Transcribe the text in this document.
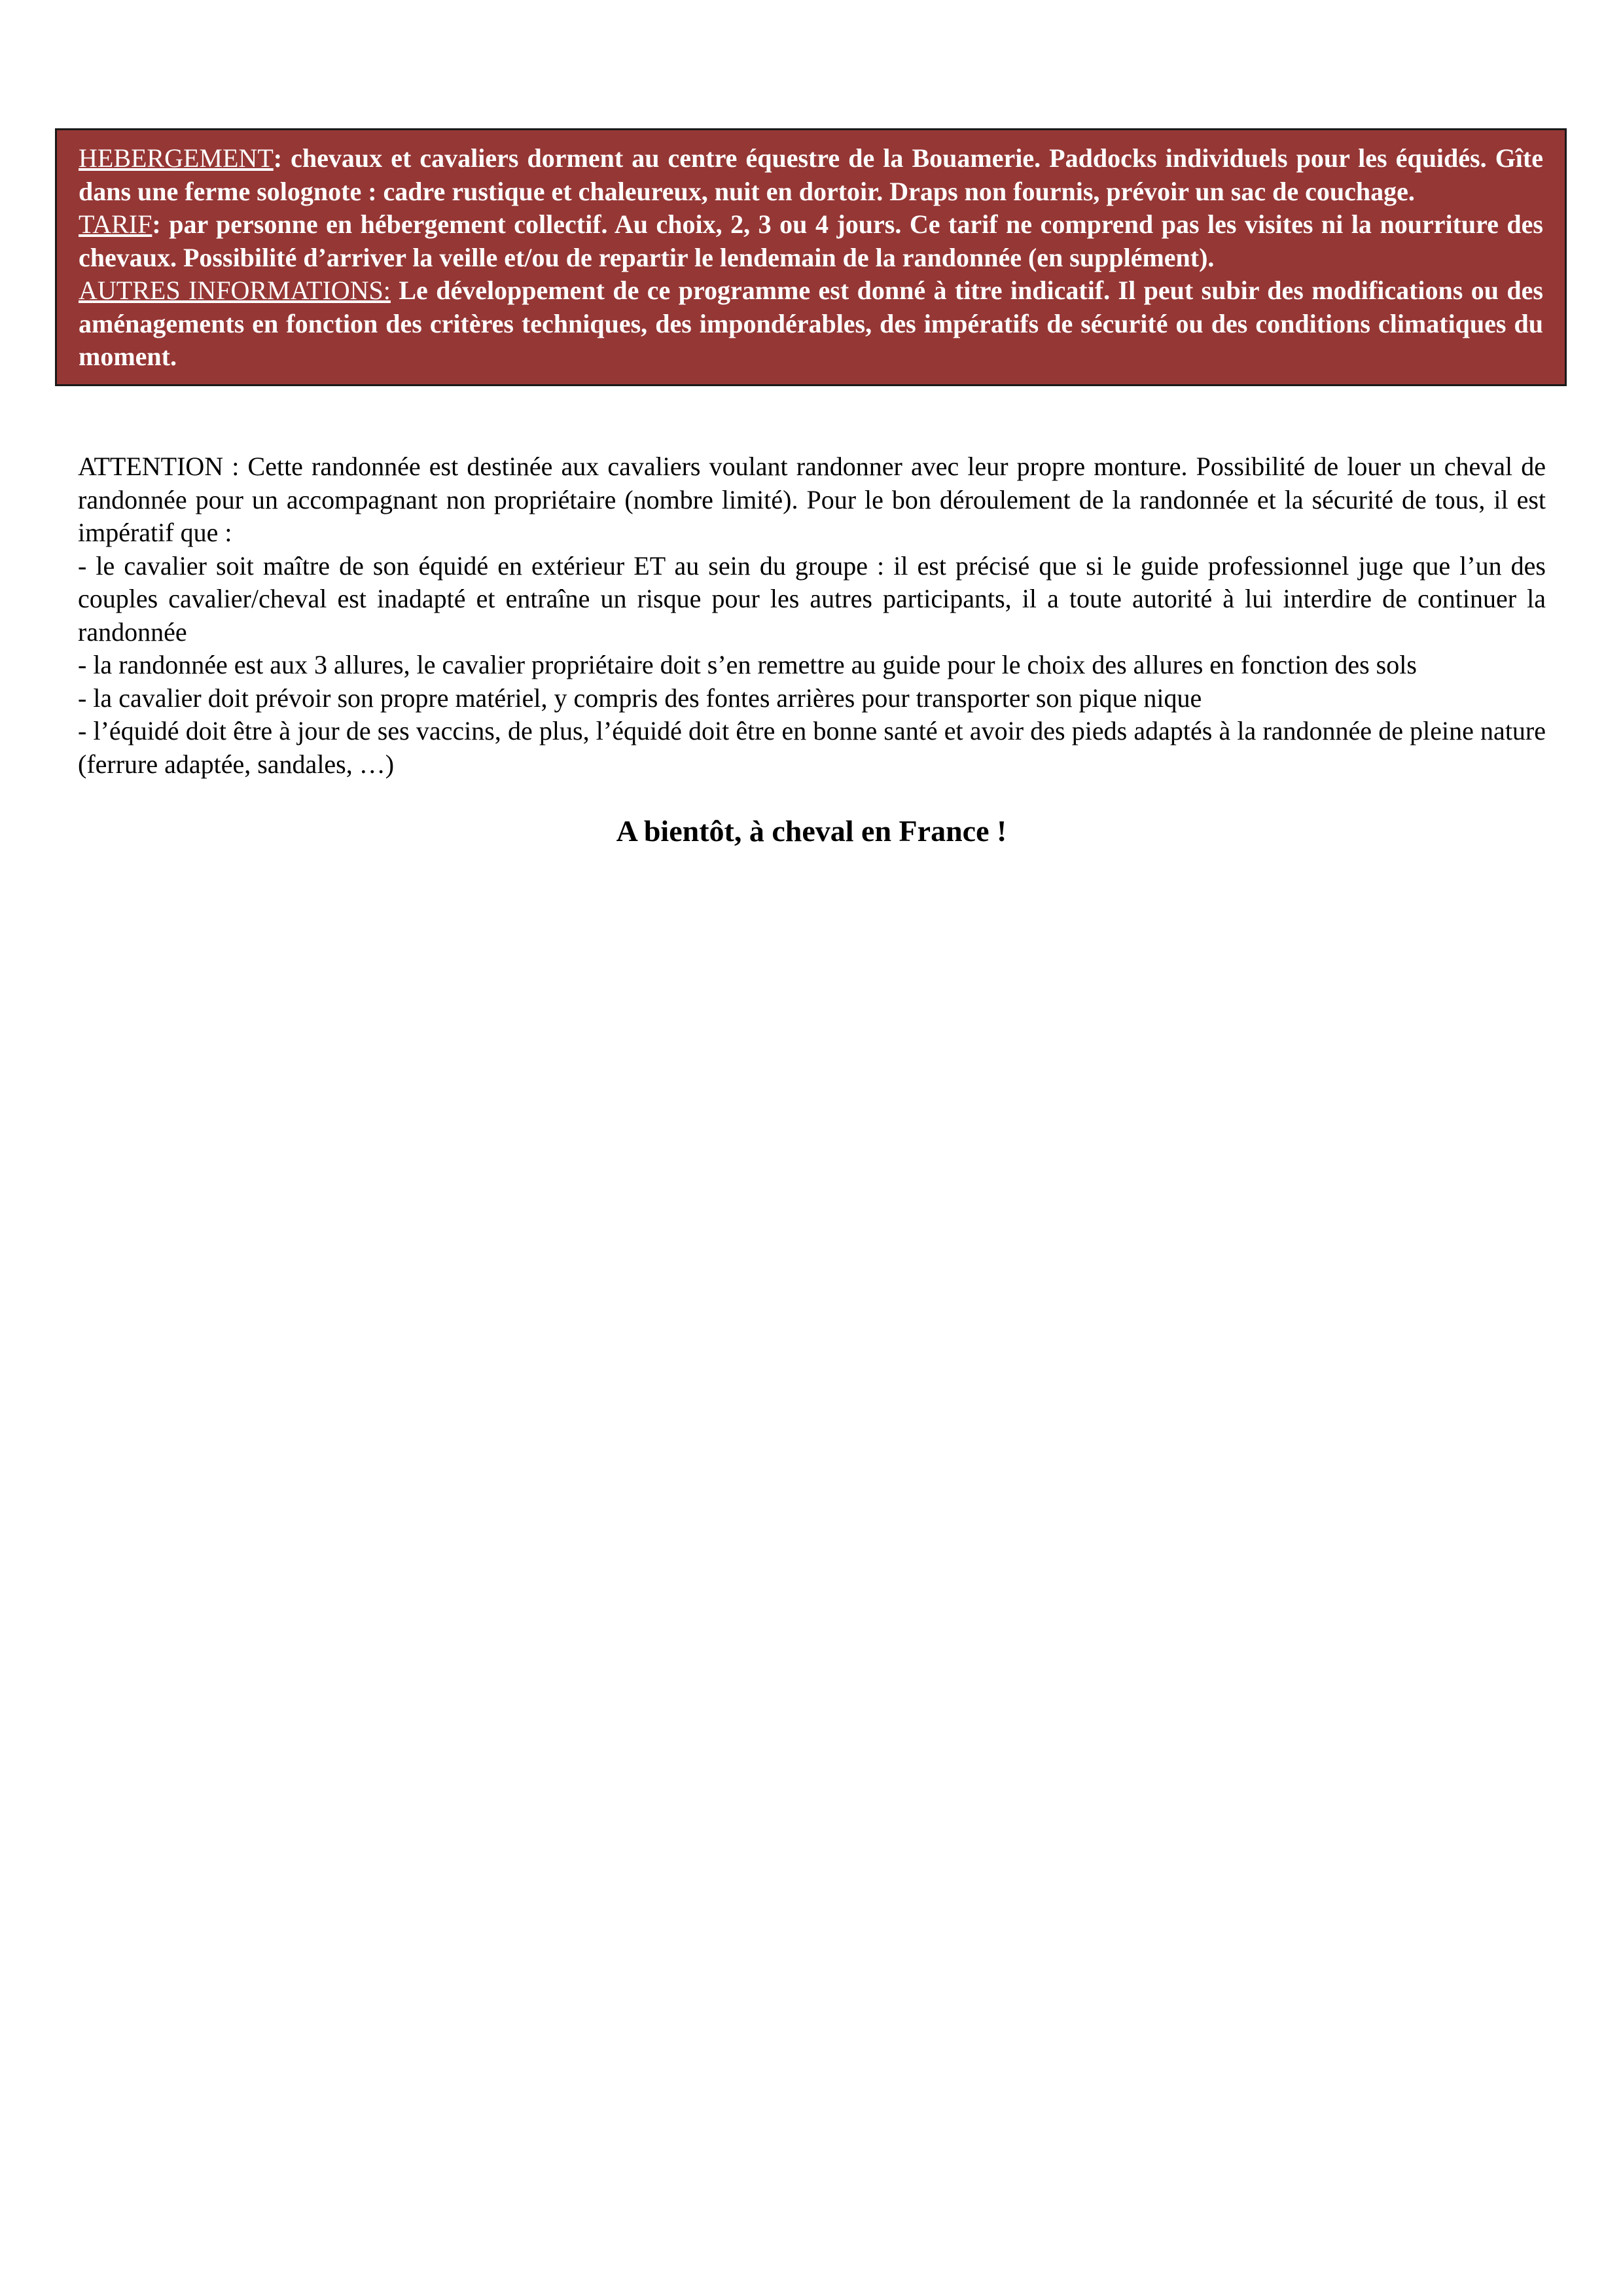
HEBERGEMENT: chevaux et cavaliers dorment au centre équestre de la Bouamerie. Paddocks individuels pour les équidés. Gîte dans une ferme solognote : cadre rustique et chaleureux, nuit en dortoir. Draps non fournis, prévoir un sac de couchage.

TARIF: par personne en hébergement collectif. Au choix, 2, 3 ou 4 jours. Ce tarif ne comprend pas les visites ni la nourriture des chevaux. Possibilité d’arriver la veille et/ou de repartir le lendemain de la randonnée (en supplément).

AUTRES INFORMATIONS: Le développement de ce programme est donné à titre indicatif. Il peut subir des modifications ou des aménagements en fonction des critères techniques, des impondérables, des impératifs de sécurité ou des conditions climatiques du moment.

ATTENTION : Cette randonnée est destinée aux cavaliers voulant randonner avec leur propre monture. Possibilité de louer un cheval de randonnée pour un accompagnant non propriétaire (nombre limité). Pour le bon déroulement de la randonnée et la sécurité de tous, il est impératif que :

- le cavalier soit maître de son équidé en extérieur ET au sein du groupe : il est précisé que si le guide professionnel juge que l’un des couples cavalier/cheval est inadapté et entraîne un risque pour les autres participants, il a toute autorité à lui interdire de continuer la randonnée

- la randonnée est aux 3 allures, le cavalier propriétaire doit s’en remettre au guide pour le choix des allures en fonction des sols

- la cavalier doit prévoir son propre matériel, y compris des fontes arrières pour transporter son pique nique

- l’équidé doit être à jour de ses vaccins, de plus, l’équidé doit être en bonne santé et avoir des pieds adaptés à la randonnée de pleine nature (ferrure adaptée, sandales, …)

A bientôt, à cheval en France !
